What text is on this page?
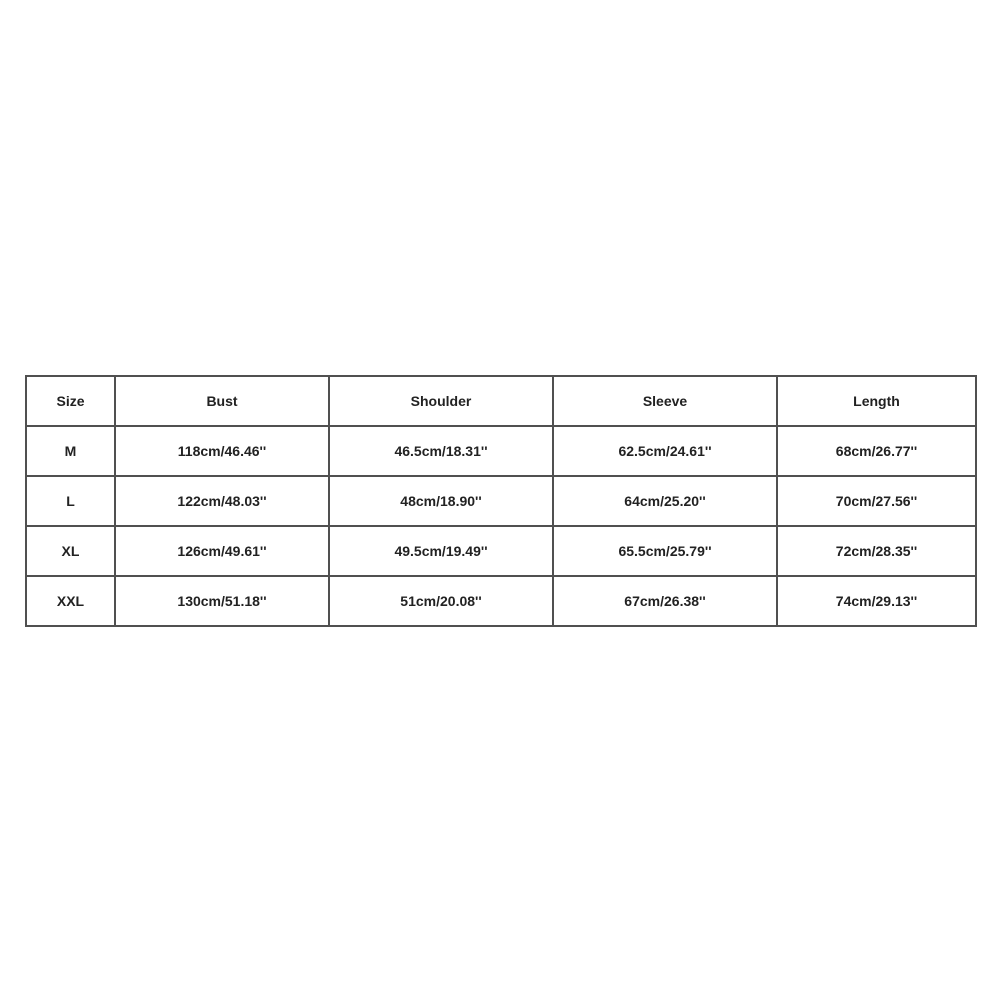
Size	Bust	Shoulder	Sleeve	Length
M	118cm/46.46''	46.5cm/18.31''	62.5cm/24.61''	68cm/26.77''
L	122cm/48.03''	48cm/18.90''	64cm/25.20''	70cm/27.56''
XL	126cm/49.61''	49.5cm/19.49''	65.5cm/25.79''	72cm/28.35''
XXL	130cm/51.18''	51cm/20.08''	67cm/26.38''	74cm/29.13''
